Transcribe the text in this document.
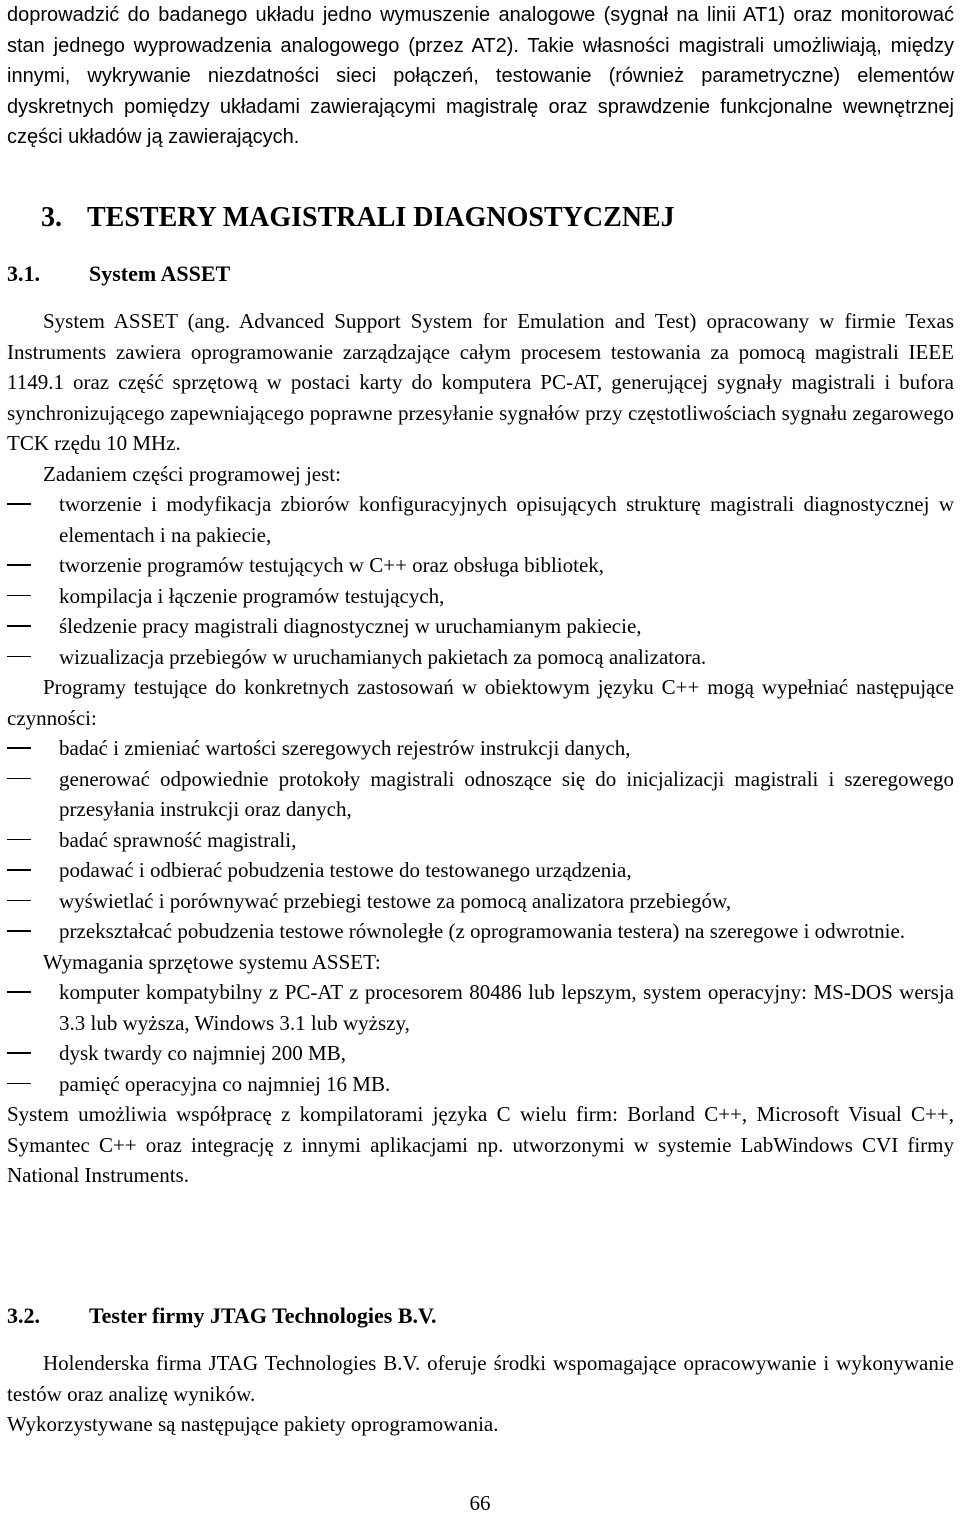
doprowadzić do badanego układu jedno wymuszenie analogowe (sygnał na linii AT1) oraz monitorować stan jednego wyprowadzenia analogowego (przez AT2). Takie własności magistrali umożliwiają, między innymi, wykrywanie niezdatności sieci połączeń, testowanie (również parametryczne) elementów dyskretnych pomiędzy układami zawierającymi magistralę oraz sprawdzenie funkcjonalne wewnętrznej części układów ją zawierających.

3. TESTERY MAGISTRALI DIAGNOSTYCZNEJ
3.1. System ASSET

System ASSET (ang. Advanced Support System for Emulation and Test) opracowany w firmie Texas Instruments zawiera oprogramowanie zarządzające całym procesem testowania za pomocą magistrali IEEE 1149.1 oraz część sprzętową w postaci karty do komputera PC-AT, generującej sygnały magistrali i bufora synchronizującego zapewniającego poprawne przesyłanie sygnałów przy częstotliwościach sygnału zegarowego TCK rzędu 10 MHz.

Zadaniem części programowej jest:

tworzenie i modyfikacja zbiorów konfiguracyjnych opisujących strukturę magistrali diagnostycznej w elementach i na pakiecie,
tworzenie programów testujących w C++ oraz obsługa bibliotek,
kompilacja i łączenie programów testujących,
śledzenie pracy magistrali diagnostycznej w uruchamianym pakiecie,
wizualizacja przebiegów w uruchamianych pakietach za pomocą analizatora.

Programy testujące do konkretnych zastosowań w obiektowym języku C++ mogą wypełniać następujące czynności:

badać i zmieniać wartości szeregowych rejestrów instrukcji danych,
generować odpowiednie protokoły magistrali odnoszące się do inicjalizacji magistrali i szeregowego przesyłania instrukcji oraz danych,
badać sprawność magistrali,
podawać i odbierać pobudzenia testowe do testowanego urządzenia,
wyświetlać i porównywać przebiegi testowe za pomocą analizatora przebiegów,
przekształcać pobudzenia testowe równoległe (z oprogramowania testera) na szeregowe i odwrotnie.

Wymagania sprzętowe systemu ASSET:

komputer kompatybilny z PC-AT z procesorem 80486 lub lepszym, system operacyjny: MS-DOS wersja 3.3 lub wyższa, Windows 3.1 lub wyższy,
dysk twardy co najmniej 200 MB,
pamięć operacyjna co najmniej 16 MB.

System umożliwia współpracę z kompilatorami języka C wielu firm: Borland C++, Microsoft Visual C++, Symantec C++ oraz integrację z innymi aplikacjami np. utworzonymi w systemie LabWindows CVI firmy National Instruments.

3.2. Tester firmy JTAG Technologies B.V.

Holenderska firma JTAG Technologies B.V. oferuje środki wspomagające opracowywanie i wykonywanie testów oraz analizę wyników.

Wykorzystywane są następujące pakiety oprogramowania.

66
